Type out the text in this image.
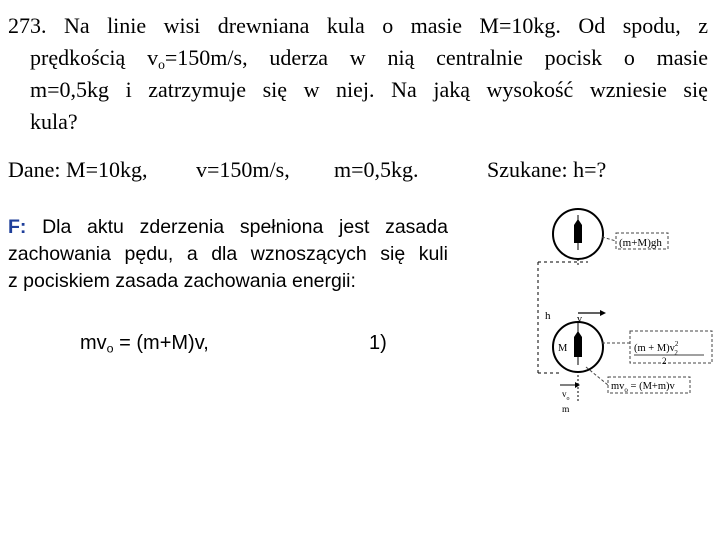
273. Na linie wisi drewniana kula o masie M=10kg. Od spodu, z
prędkością $v_o=150m/s$, uderza w nią centralnie pocisk o masie
m=0,5kg i zatrzymuje się w niej. Na jaką wysokość wzniesie się
kula?
Dane: M=10kg, v=150m/s, m=0,5kg.	Szukane: h=?
F: Dla aktu zderzenia spełniona jest zasada
zachowania pędu, a dla wznoszących się kuli
z pociskiem zasada zachowania energii:
$mv_o = (m+M)v$,	1)
(m+M)gh
h	v
M	$(m + M)v^2$ 2
2
$mv_o = (M+m)v$
$v_o$
m
